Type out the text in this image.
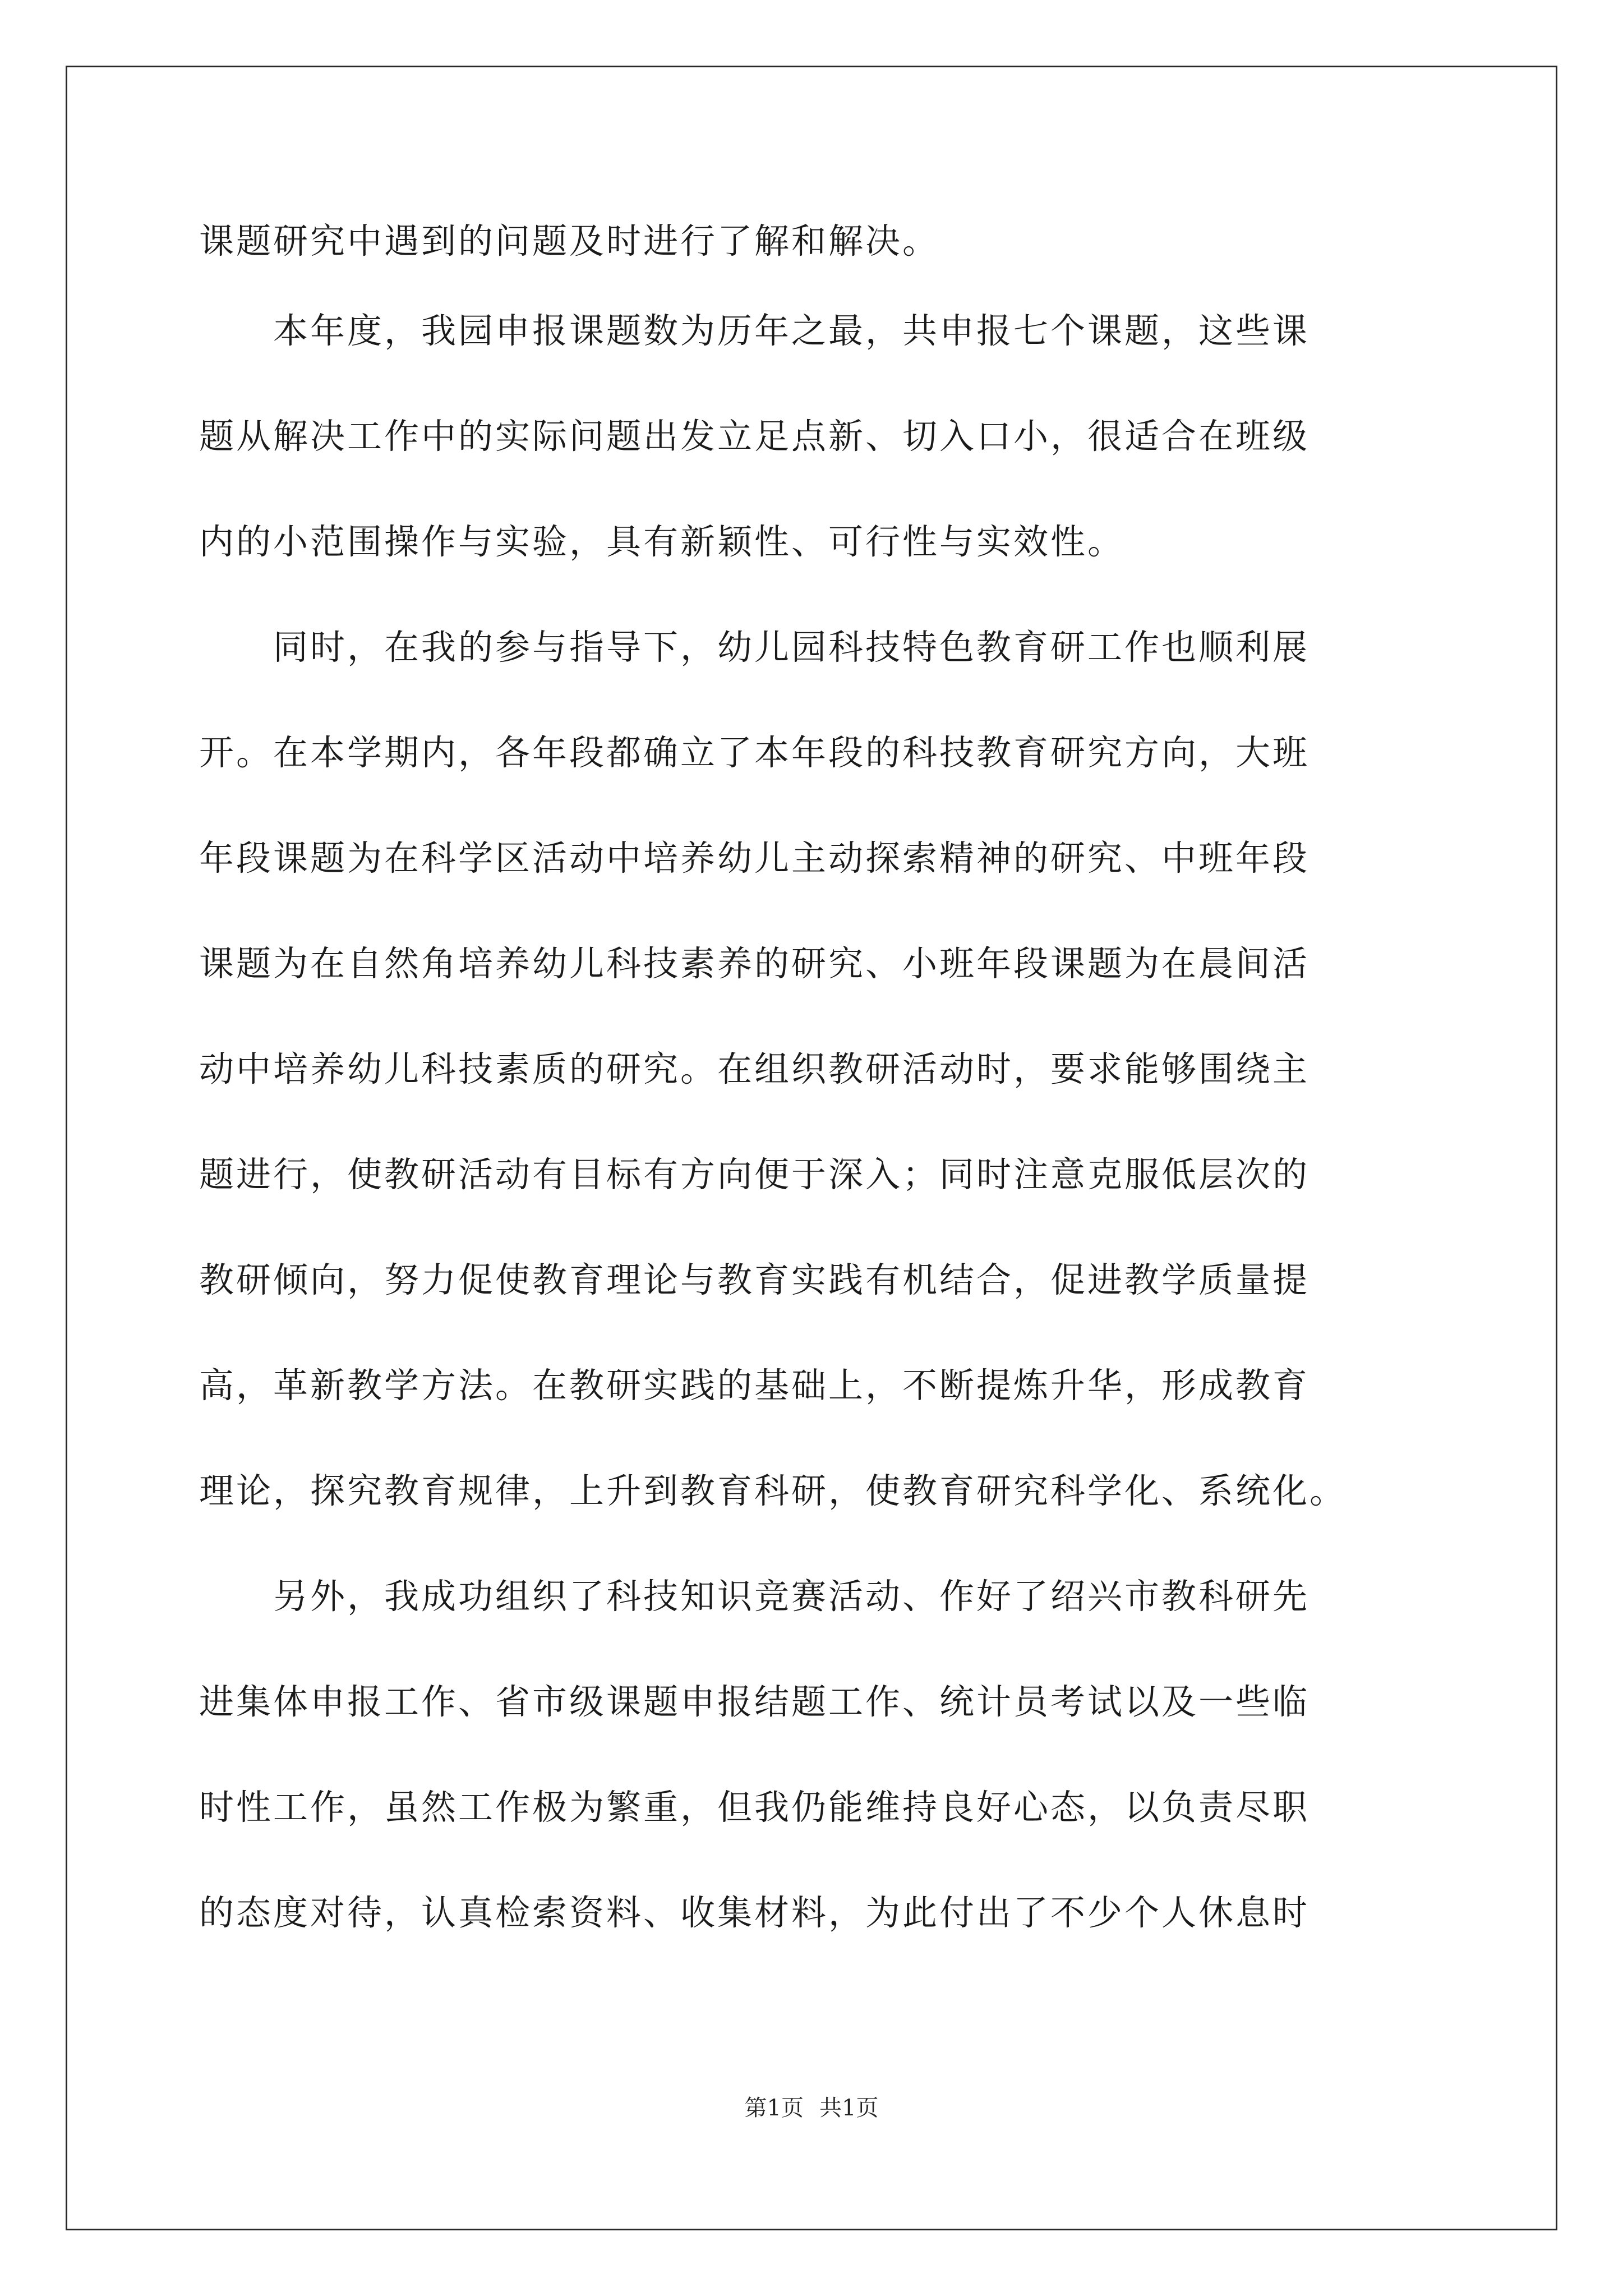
课题研究中遇到的问题及时进行了解和解决。
　　本年度，我园申报课题数为历年之最，共申报七个课题，这些课
题从解决工作中的实际问题出发立足点新、切入口小，很适合在班级
内的小范围操作与实验，具有新颖性、可行性与实效性。
　　同时，在我的参与指导下，幼儿园科技特色教育研工作也顺利展
开。在本学期内，各年段都确立了本年段的科技教育研究方向，大班
年段课题为在科学区活动中培养幼儿主动探索精神的研究、中班年段
课题为在自然角培养幼儿科技素养的研究、小班年段课题为在晨间活
动中培养幼儿科技素质的研究。在组织教研活动时，要求能够围绕主
题进行，使教研活动有目标有方向便于深入；同时注意克服低层次的
教研倾向，努力促使教育理论与教育实践有机结合，促进教学质量提
高，革新教学方法。在教研实践的基础上，不断提炼升华，形成教育
理论，探究教育规律，上升到教育科研，使教育研究科学化、系统化。
　　另外，我成功组织了科技知识竞赛活动、作好了绍兴市教科研先
进集体申报工作、省市级课题申报结题工作、统计员考试以及一些临
时性工作，虽然工作极为繁重，但我仍能维持良好心态，以负责尽职
的态度对待，认真检索资料、收集材料，为此付出了不少个人休息时
第1页 共1页
